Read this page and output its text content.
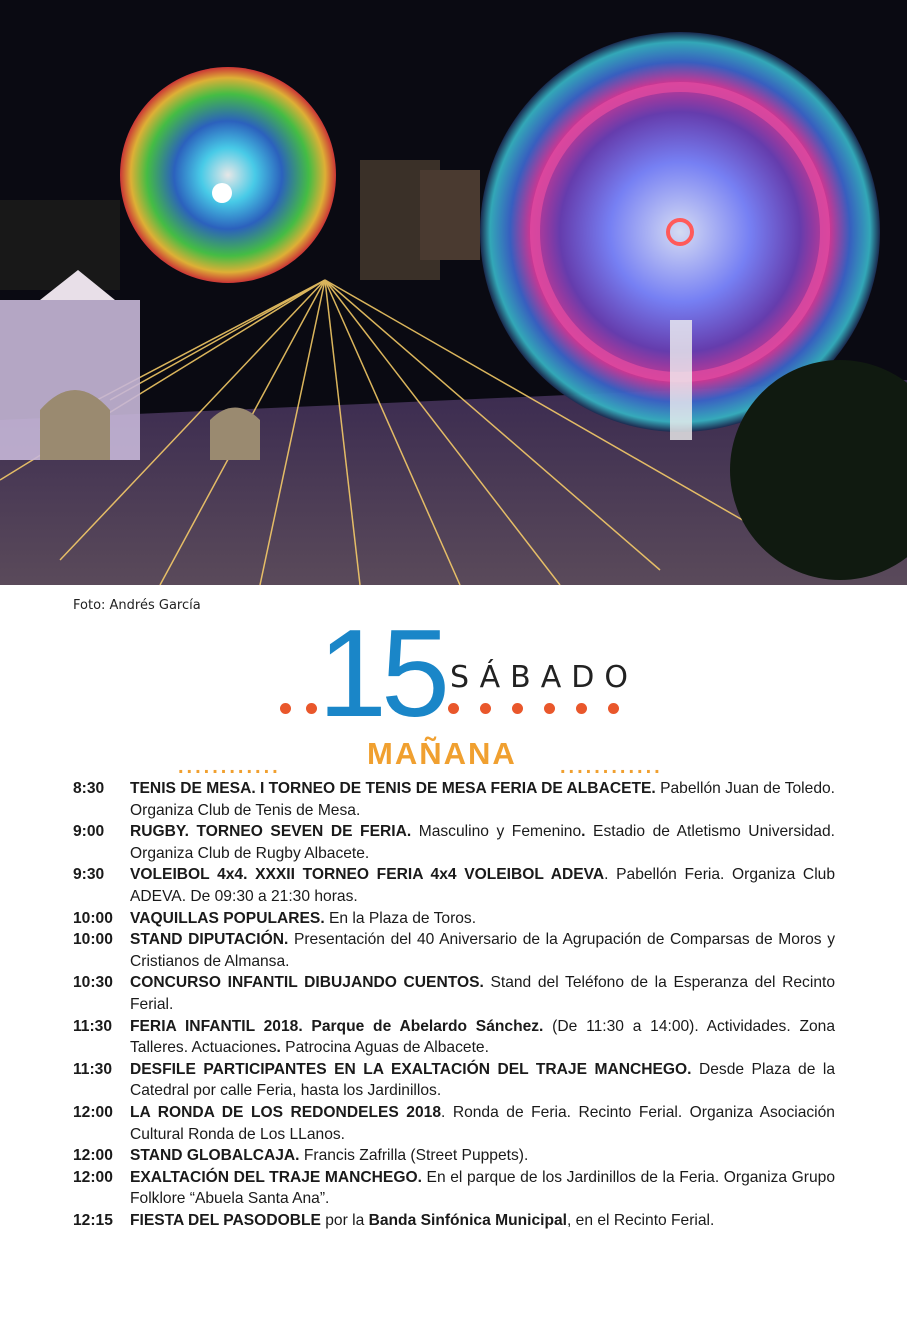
Foto: Andrés García 15 SÁBADO
............	MAÑANA ............
8:30	TENIS DE MESA. I TORNEO DE TENIS DE MESA FERIA DE ALBACETE. Pabellón Juan de Toledo. Organiza Club de Tenis de Mesa.
9:00	RUGBY. TORNEO SEVEN DE FERIA. Masculino y Femenino. Estadio de Atletismo Universidad. Organiza Club de Rugby Albacete.
9:30	VOLEIBOL 4x4. XXXII TORNEO FERIA 4x4 VOLEIBOL ADEVA. Pabellón Feria. Organiza Club ADEVA. De 09:30 a 21:30 horas.
10:00	VAQUILLAS POPULARES. En la Plaza de Toros.
10:00	STAND DIPUTACIÓN. Presentación del 40 Aniversario de la Agrupación de Comparsas de Moros y Cristianos de Almansa.
10:30	CONCURSO INFANTIL DIBUJANDO CUENTOS. Stand del Teléfono de la Esperanza del Recinto Ferial.
11:30	FERIA INFANTIL 2018. Parque de Abelardo Sánchez. (De 11:30 a 14:00). Actividades. Zona Talleres. Actuaciones. Patrocina Aguas de Albacete.
11:30	DESFILE PARTICIPANTES EN LA EXALTACIÓN DEL TRAJE MANCHEGO. Desde Plaza de la Catedral por calle Feria, hasta los Jardinillos.
12:00	LA RONDA DE LOS REDONDELES 2018. Ronda de Feria. Recinto Ferial. Organiza Asociación Cultural Ronda de Los LLanos.
12:00	STAND GLOBALCAJA. Francis Zafrilla (Street Puppets).
12:00	EXALTACIÓN DEL TRAJE MANCHEGO. En el parque de los Jardinillos de la Feria. Organiza Grupo Folklore “Abuela Santa Ana”.
12:15	FIESTA DEL PASODOBLE por la Banda Sinfónica Municipal, en el Recinto Ferial.
